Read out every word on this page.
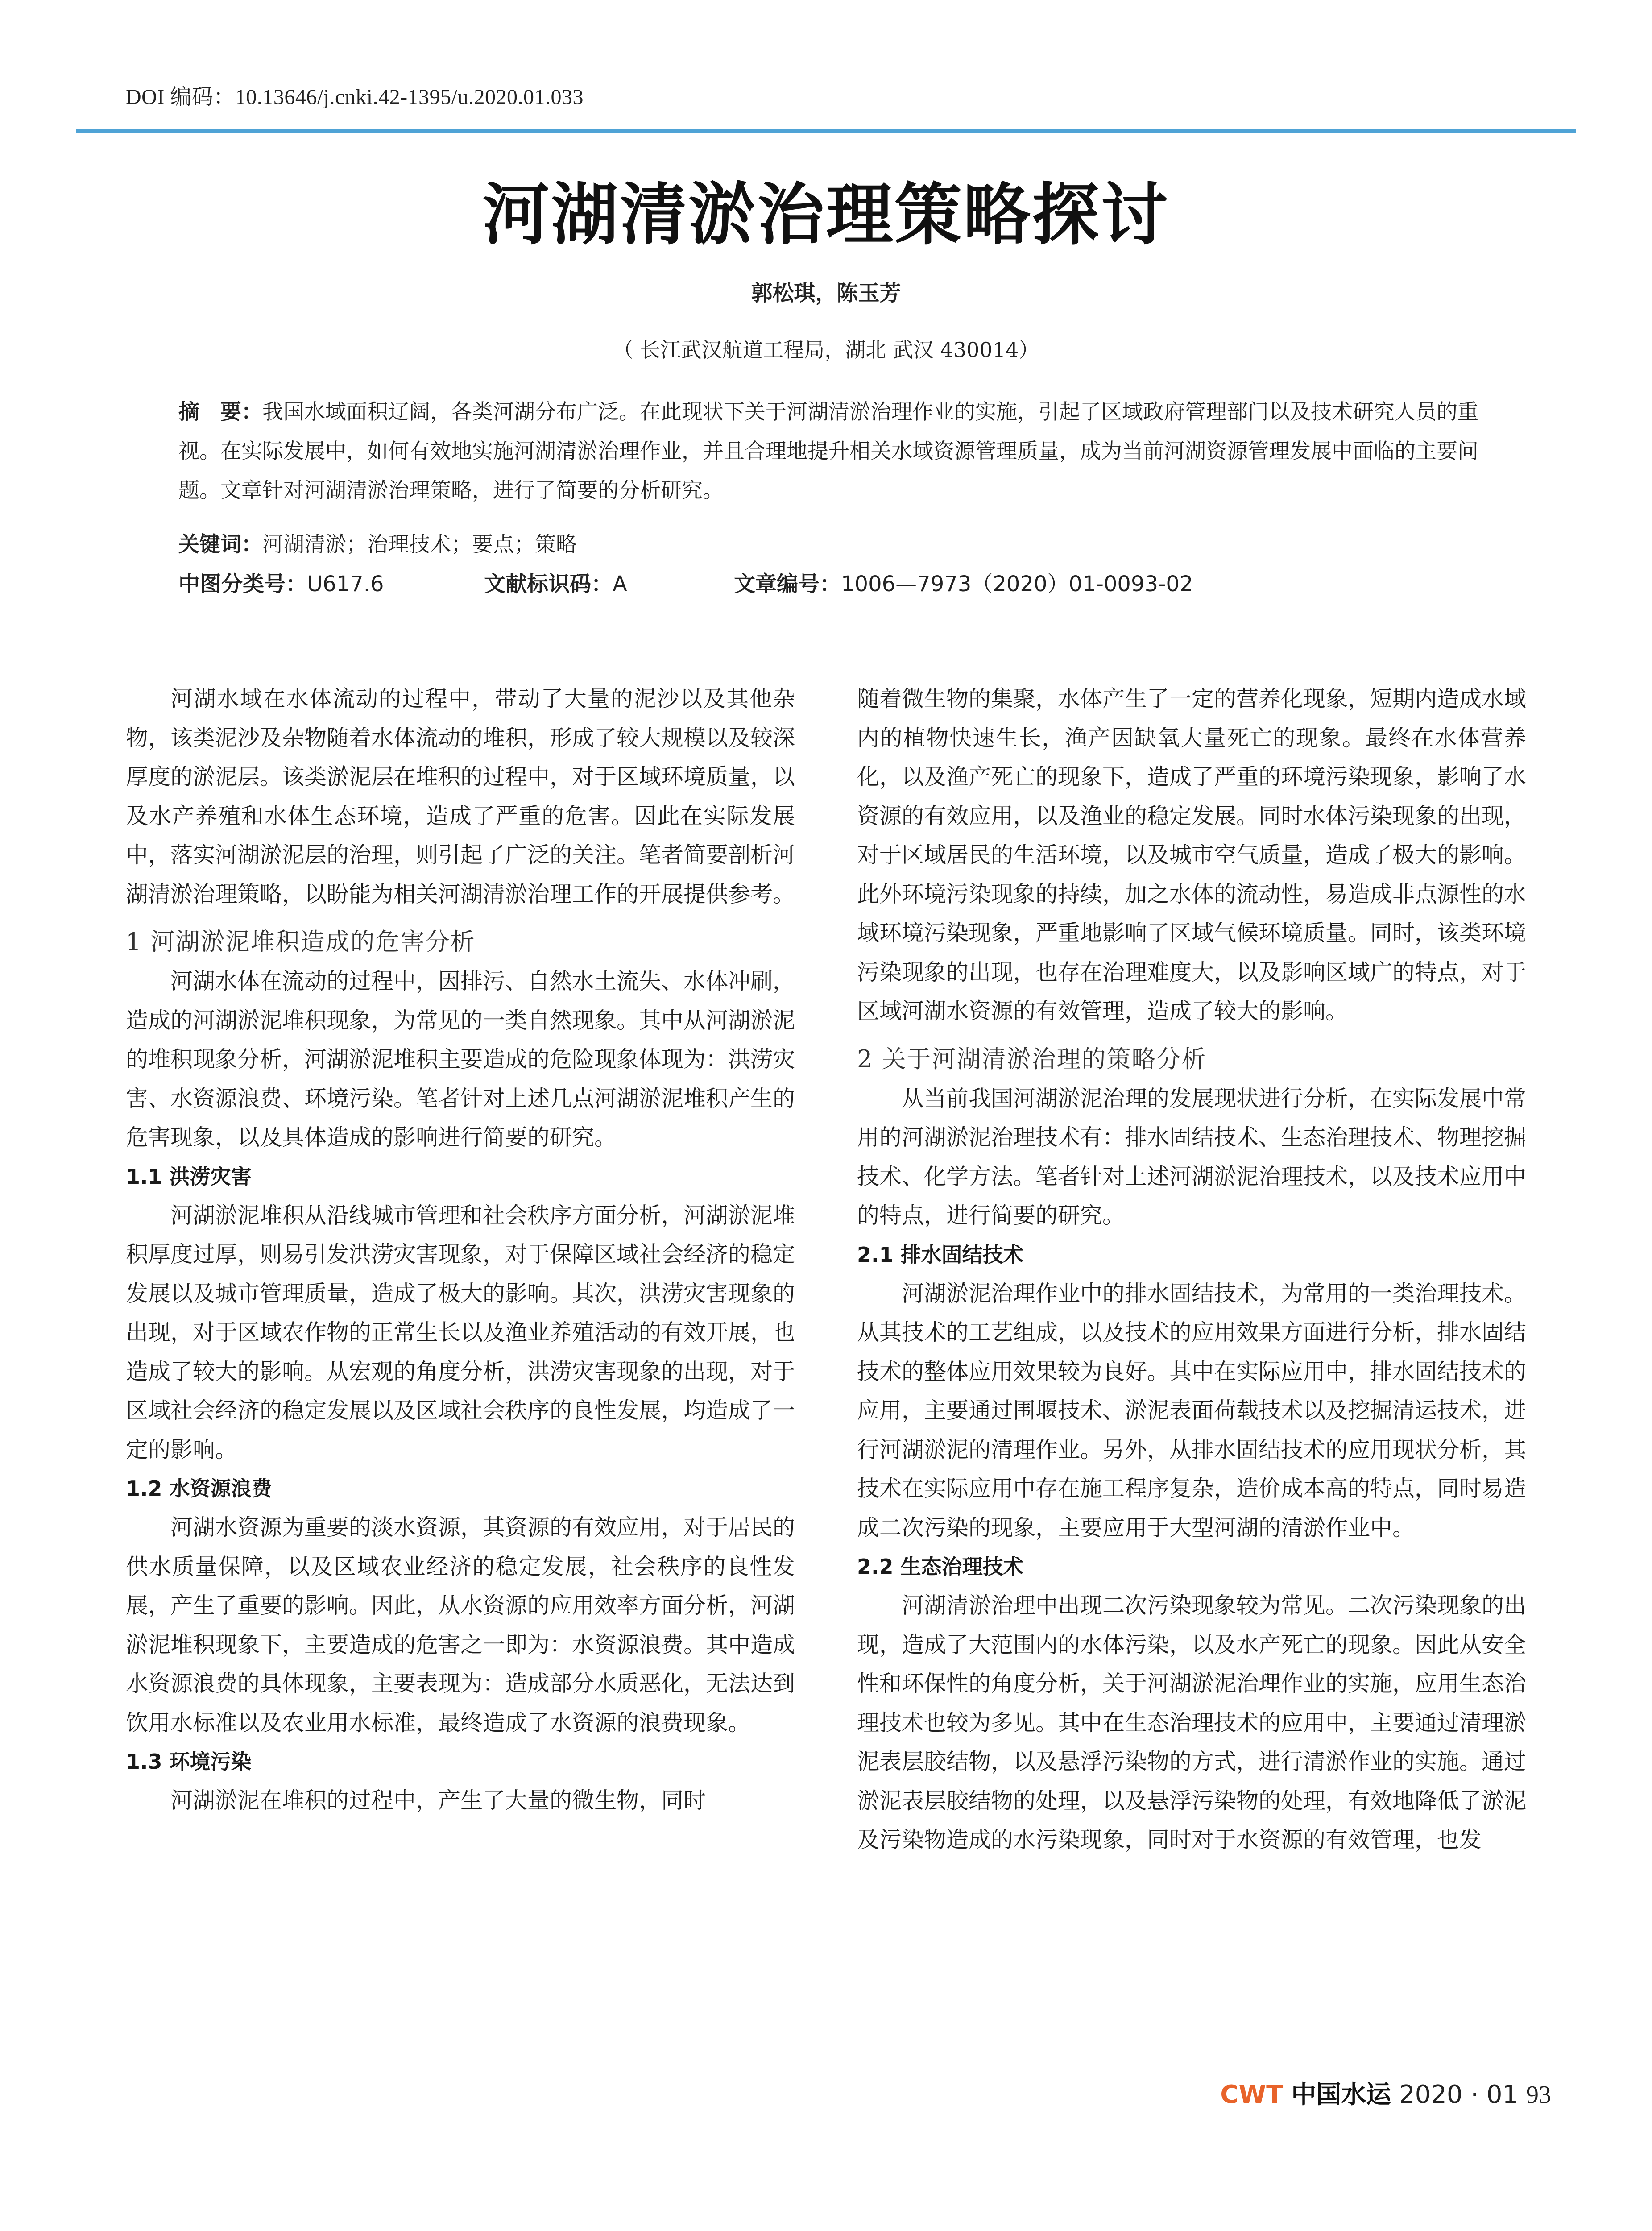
DOI 编码：10.13646/j.cnki.42-1395/u.2020.01.033
河湖清淤治理策略探讨
郭松琪，陈玉芳
（ 长江武汉航道工程局，湖北 武汉 430014）
摘　要：我国水域面积辽阔，各类河湖分布广泛。在此现状下关于河湖清淤治理作业的实施，引起了区域政府管理部门以及技术研究人员的重视。在实际发展中，如何有效地实施河湖清淤治理作业，并且合理地提升相关水域资源管理质量，成为当前河湖资源管理发展中面临的主要问题。文章针对河湖清淤治理策略，进行了简要的分析研究。
关键词：河湖清淤；治理技术；要点；策略
中图分类号：U617.6	文献标识码：A	文章编号：1006—7973（2020）01-0093-02

河湖水域在水体流动的过程中，带动了大量的泥沙以及其他杂物，该类泥沙及杂物随着水体流动的堆积，形成了较大规模以及较深厚度的淤泥层。该类淤泥层在堆积的过程中，对于区域环境质量，以及水产养殖和水体生态环境，造成了严重的危害。因此在实际发展中，落实河湖淤泥层的治理，则引起了广泛的关注。笔者简要剖析河湖清淤治理策略，以盼能为相关河湖清淤治理工作的开展提供参考。

1 河湖淤泥堆积造成的危害分析

河湖水体在流动的过程中，因排污、自然水土流失、水体冲刷，造成的河湖淤泥堆积现象，为常见的一类自然现象。其中从河湖淤泥的堆积现象分析，河湖淤泥堆积主要造成的危险现象体现为：洪涝灾害、水资源浪费、环境污染。笔者针对上述几点河湖淤泥堆积产生的危害现象，以及具体造成的影响进行简要的研究。

1.1 洪涝灾害

河湖淤泥堆积从沿线城市管理和社会秩序方面分析，河湖淤泥堆积厚度过厚，则易引发洪涝灾害现象，对于保障区域社会经济的稳定发展以及城市管理质量，造成了极大的影响。其次，洪涝灾害现象的出现，对于区域农作物的正常生长以及渔业养殖活动的有效开展，也造成了较大的影响。从宏观的角度分析，洪涝灾害现象的出现，对于区域社会经济的稳定发展以及区域社会秩序的良性发展，均造成了一定的影响。

1.2 水资源浪费

河湖水资源为重要的淡水资源，其资源的有效应用，对于居民的供水质量保障，以及区域农业经济的稳定发展，社会秩序的良性发展，产生了重要的影响。因此，从水资源的应用效率方面分析，河湖淤泥堆积现象下，主要造成的危害之一即为：水资源浪费。其中造成水资源浪费的具体现象，主要表现为：造成部分水质恶化，无法达到饮用水标准以及农业用水标准，最终造成了水资源的浪费现象。

1.3 环境污染

河湖淤泥在堆积的过程中，产生了大量的微生物，同时

随着微生物的集聚，水体产生了一定的营养化现象，短期内造成水域内的植物快速生长，渔产因缺氧大量死亡的现象。最终在水体营养化，以及渔产死亡的现象下，造成了严重的环境污染现象，影响了水资源的有效应用，以及渔业的稳定发展。同时水体污染现象的出现，对于区域居民的生活环境，以及城市空气质量，造成了极大的影响。此外环境污染现象的持续，加之水体的流动性，易造成非点源性的水域环境污染现象，严重地影响了区域气候环境质量。同时，该类环境污染现象的出现，也存在治理难度大，以及影响区域广的特点，对于区域河湖水资源的有效管理，造成了较大的影响。

2 关于河湖清淤治理的策略分析

从当前我国河湖淤泥治理的发展现状进行分析，在实际发展中常用的河湖淤泥治理技术有：排水固结技术、生态治理技术、物理挖掘技术、化学方法。笔者针对上述河湖淤泥治理技术，以及技术应用中的特点，进行简要的研究。

2.1 排水固结技术

河湖淤泥治理作业中的排水固结技术，为常用的一类治理技术。从其技术的工艺组成，以及技术的应用效果方面进行分析，排水固结技术的整体应用效果较为良好。其中在实际应用中，排水固结技术的应用，主要通过围堰技术、淤泥表面荷载技术以及挖掘清运技术，进行河湖淤泥的清理作业。另外，从排水固结技术的应用现状分析，其技术在实际应用中存在施工程序复杂，造价成本高的特点，同时易造成二次污染的现象，主要应用于大型河湖的清淤作业中。

2.2 生态治理技术

河湖清淤治理中出现二次污染现象较为常见。二次污染现象的出现，造成了大范围内的水体污染，以及水产死亡的现象。因此从安全性和环保性的角度分析，关于河湖淤泥治理作业的实施，应用生态治理技术也较为多见。其中在生态治理技术的应用中，主要通过清理淤泥表层胶结物，以及悬浮污染物的方式，进行清淤作业的实施。通过淤泥表层胶结物的处理，以及悬浮污染物的处理，有效地降低了淤泥及污染物造成的水污染现象，同时对于水资源的有效管理，也发

CWT 中国水运 2020 · 01 93
